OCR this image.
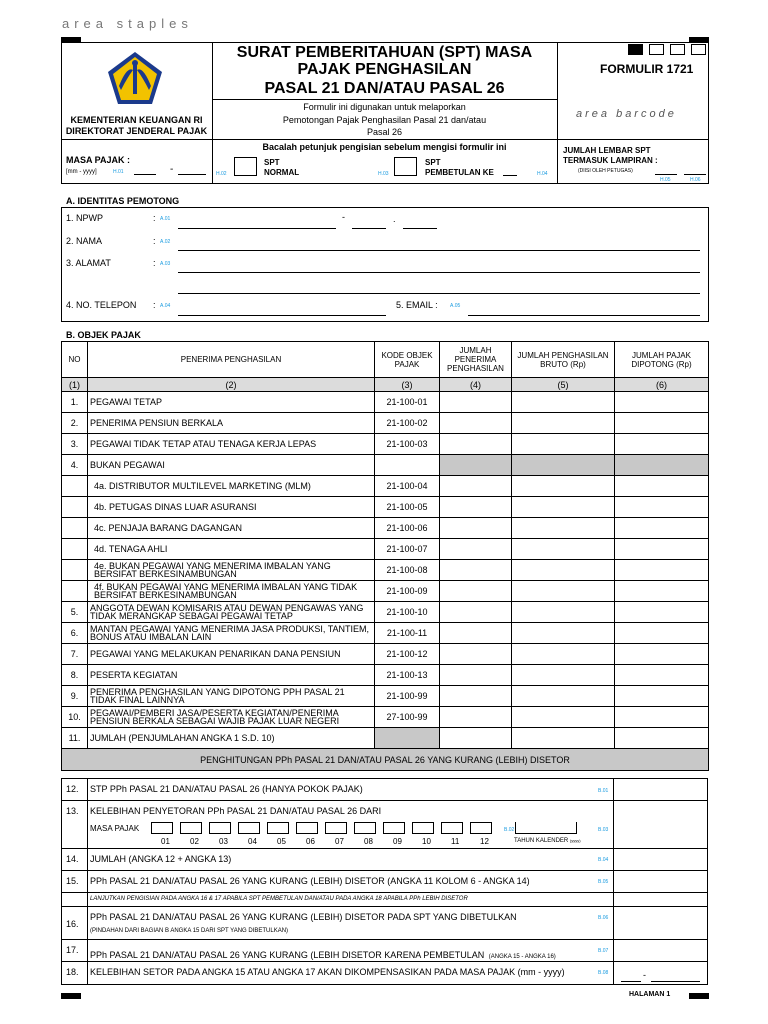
area staples
KEMENTERIAN KEUANGAN RI
DIREKTORAT JENDERAL PAJAK
SURAT PEMBERITAHUAN (SPT) MASA
PAJAK PENGHASILAN
PASAL 21 DAN/ATAU PASAL 26
FORMULIR 1721
area barcode
Formulir ini digunakan untuk melaporkan
Pemotongan Pajak Penghasilan Pasal 21 dan/atau
Pasal 26
Bacalah petunjuk pengisian sebelum mengisi formulir ini
MASA PAJAK :
[mm - yyyy]	H.01	-	H.02
SPT
NORMAL	H.03
SPT
PEMBETULAN KE	H.04
JUMLAH LEMBAR SPT
TERMASUK LAMPIRAN :
(DIISI OLEH PETUGAS)
H.05	H.06
A. IDENTITAS PEMOTONG
1. NPWP	: A.01	-	.
2. NAMA	: A.02
3. ALAMAT	: A.03
4. NO. TELEPON : A.04	5. EMAIL : A.05
B. OBJEK PAJAK
NO	PENERIMA PENGHASILAN	KODE OBJEK PAJAK	JUMLAH PENERIMA PENGHASILAN	JUMLAH PENGHASILAN BRUTO (Rp)	JUMLAH PAJAK DIPOTONG (Rp)
(1)	(2)	(3)	(4)	(5)	(6)
1.	PEGAWAI TETAP	21-100-01			
2.	PENERIMA PENSIUN BERKALA	21-100-02			
3.	PEGAWAI TIDAK TETAP ATAU TENAGA KERJA LEPAS	21-100-03			
4.	BUKAN PEGAWAI				
	4a. DISTRIBUTOR MULTILEVEL MARKETING (MLM)	21-100-04			
	4b. PETUGAS DINAS LUAR ASURANSI	21-100-05			
	4c. PENJAJA BARANG DAGANGAN	21-100-06			
	4d. TENAGA AHLI	21-100-07			
	4e. BUKAN PEGAWAI YANG MENERIMA IMBALAN YANG BERSIFAT BERKESINAMBUNGAN	21-100-08			
	4f. BUKAN PEGAWAI YANG MENERIMA IMBALAN YANG TIDAK BERSIFAT BERKESINAMBUNGAN	21-100-09			
5.	ANGGOTA DEWAN KOMISARIS ATAU DEWAN PENGAWAS YANG TIDAK MERANGKAP SEBAGAI PEGAWAI TETAP	21-100-10			
6.	MANTAN PEGAWAI YANG MENERIMA JASA PRODUKSI, TANTIEM, BONUS ATAU IMBALAN LAIN	21-100-11			
7.	PEGAWAI YANG MELAKUKAN PENARIKAN DANA PENSIUN	21-100-12			
8.	PESERTA KEGIATAN	21-100-13			
9.	PENERIMA PENGHASILAN YANG DIPOTONG PPH PASAL 21 TIDAK FINAL LAINNYA	21-100-99			
10.	PEGAWAI/PEMBERI JASA/PESERTA KEGIATAN/PENERIMA PENSIUN BERKALA SEBAGAI WAJIB PAJAK LUAR NEGERI	27-100-99			
11.	JUMLAH (PENJUMLAHAN ANGKA 1 S.D. 10)				
PENGHITUNGAN PPh PASAL 21 DAN/ATAU PASAL 26 YANG KURANG (LEBIH) DISETOR					
12. STP PPh PASAL 21 DAN/ATAU PASAL 26 (HANYA POKOK PAJAK)	B.01
13. KELEBIHAN PENYETORAN PPh PASAL 21 DAN/ATAU PASAL 26 DARI
MASA PAJAK
01	02	03	04	05	06	07	08	09	10	11	12
B.02
TAHUN KALENDER (yyyy)
B.03
14. JUMLAH (ANGKA 12 + ANGKA 13)	B.04
15. PPh PASAL 21 DAN/ATAU PASAL 26 YANG KURANG (LEBIH) DISETOR (ANGKA 11 KOLOM 6 - ANGKA 14)	B.05
LANJUTKAN PENGISIAN PADA ANGKA 16 & 17 APABILA SPT PEMBETULAN DAN/ATAU PADA ANGKA 18 APABILA PPh LEBIH DISETOR
16.
PPh PASAL 21 DAN/ATAU PASAL 26 YANG KURANG (LEBIH) DISETOR PADA SPT YANG DIBETULKAN
(PINDAHAN DARI BAGIAN B ANGKA 15 DARI SPT YANG DIBETULKAN)
B.06
17. PPh PASAL 21 DAN/ATAU PASAL 26 YANG KURANG (LEBIH DISETOR KARENA PEMBETULAN (ANGKA 15 - ANGKA 16)
B.07
18. KELEBIHAN SETOR PADA ANGKA 15 ATAU ANGKA 17 AKAN DIKOMPENSASIKAN PADA MASA PAJAK (mm - yyyy)	B.08	-
HALAMAN 1
